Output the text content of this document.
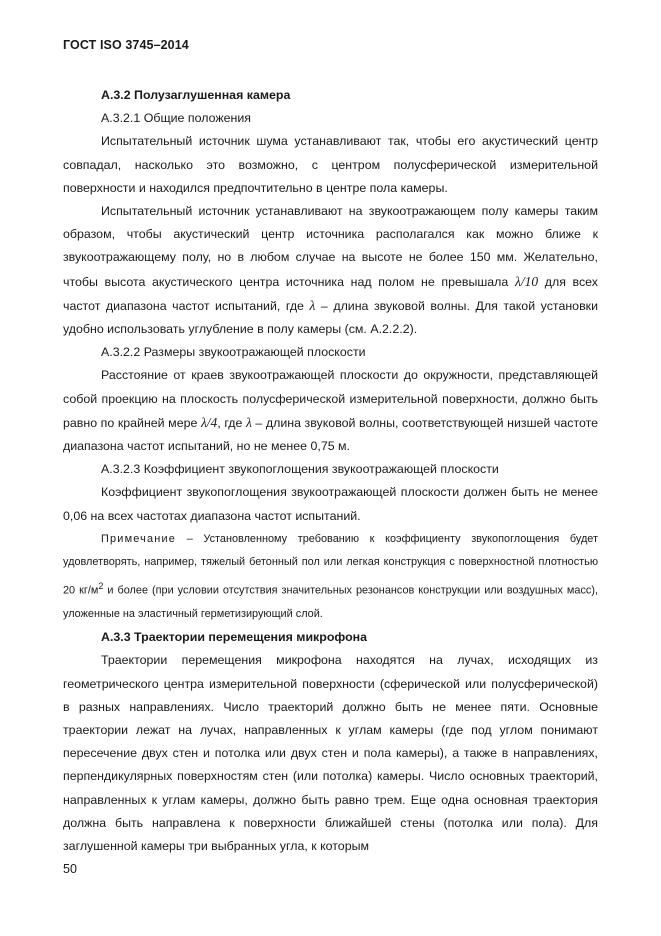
ГОСТ ISO 3745–2014

А.3.2 Полузаглушенная камера

А.3.2.1 Общие положения

Испытательный источник шума устанавливают так, чтобы его акустический центр совпадал, насколько это возможно, с центром полусферической измерительной поверхности и находился предпочтительно в центре пола камеры.

Испытательный источник устанавливают на звукоотражающем полу камеры таким образом, чтобы акустический центр источника располагался как можно ближе к звукоотражающему полу, но в любом случае на высоте не более 150 мм. Желательно, чтобы высота акустического центра источника над полом не превышала λ/10 для всех частот диапазона частот испытаний, где λ – длина звуковой волны. Для такой установки удобно использовать углубление в полу камеры (см. А.2.2.2).

А.3.2.2 Размеры звукоотражающей плоскости

Расстояние от краев звукоотражающей плоскости до окружности, представляющей собой проекцию на плоскость полусферической измерительной поверхности, должно быть равно по крайней мере λ/4, где λ – длина звуковой волны, соответствующей низшей частоте диапазона частот испытаний, но не менее 0,75 м.

А.3.2.3 Коэффициент звукопоглощения звукоотражающей плоскости

Коэффициент звукопоглощения звукоотражающей плоскости должен быть не менее 0,06 на всех частотах диапазона частот испытаний.

Примечание – Установленному требованию к коэффициенту звукопоглощения будет удовлетворять, например, тяжелый бетонный пол или легкая конструкция с поверхностной плотностью 20 $кг/м^2$ и более (при условии отсутствия значительных резонансов конструкции или воздушных масс), уложенные на эластичный герметизирующий слой.

А.3.3 Траектории перемещения микрофона

Траектории перемещения микрофона находятся на лучах, исходящих из геометрического центра измерительной поверхности (сферической или полусферической) в разных направлениях. Число траекторий должно быть не менее пяти. Основные траектории лежат на лучах, направленных к углам камеры (где под углом понимают пересечение двух стен и потолка или двух стен и пола камеры), а также в направлениях, перпендикулярных поверхностям стен (или потолка) камеры. Число основных траекторий, направленных к углам камеры, должно быть равно трем. Еще одна основная траектория должна быть направлена к поверхности ближайшей стены (потолка или пола). Для заглушенной камеры три выбранных угла, к которым

50
